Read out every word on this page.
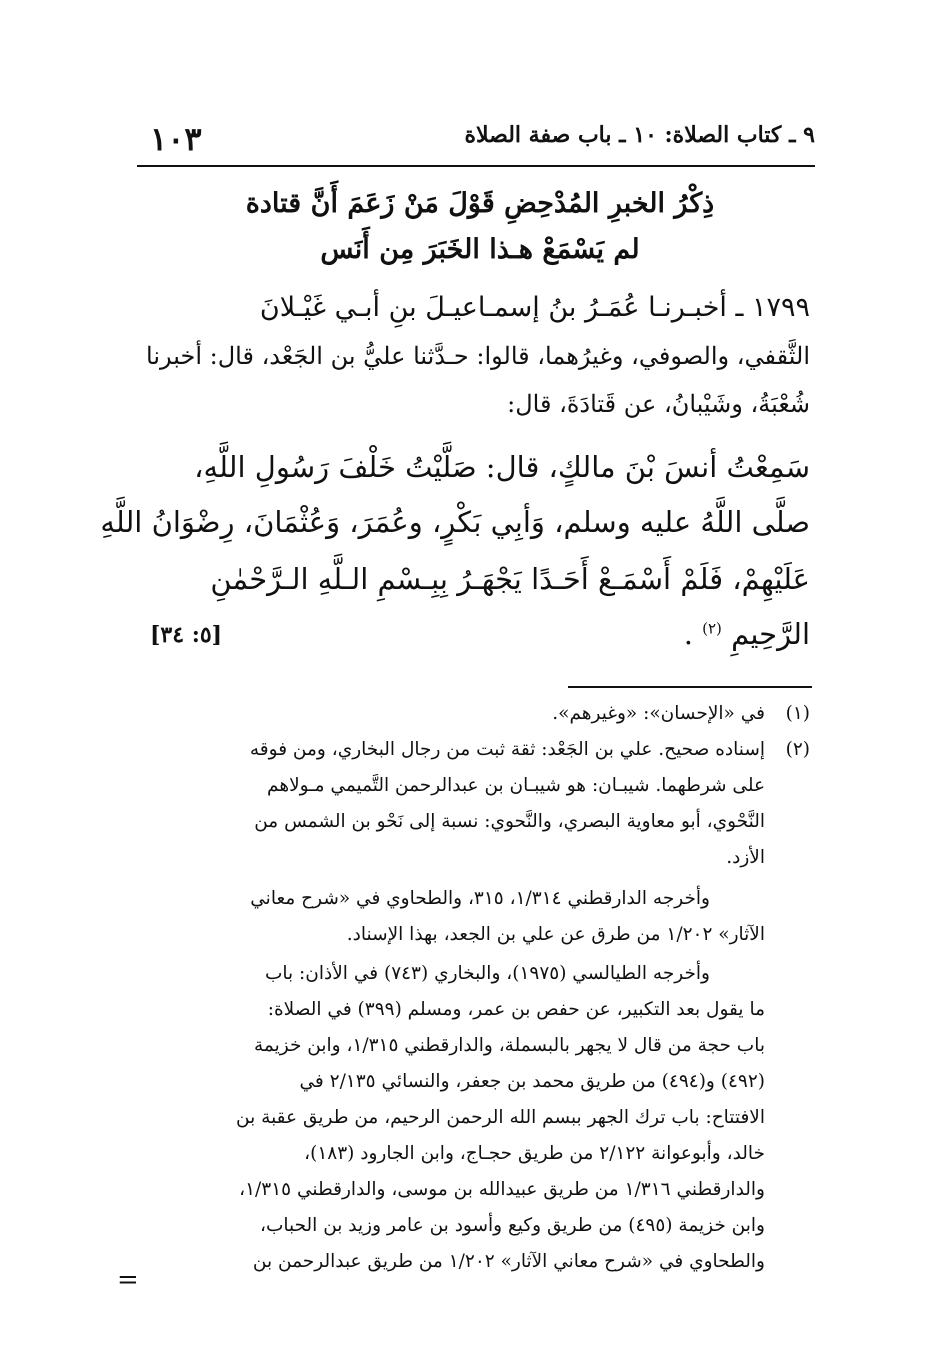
١٠٣	٩ ـ كتاب الصلاة: ١٠ ـ باب صفة الصلاة
ذِكْرُ الخبرِ المُدْحِضِ قَوْلَ مَنْ زَعَمَ أَنَّ قتادة
لم يَسْمَعْ هـذا الخَبَرَ مِن أَنَس
١٧٩٩ ـ أخبـرنـا عُمَـرُ بنُ إسمـاعيـلَ بنِ أبـي غَيْـلانَ
الثَّقفي، والصوفي، وغيرُهما، قالوا: حـدَّثنا عليُّ بن الجَعْد، قال: أخبرنا
شُعْبَةُ، وشَيْبانُ، عن قَتادَةَ، قال:
سَمِعْتُ أنسَ بْنَ مالكٍ، قال: صَلَّيْتُ خَلْفَ رَسُولِ اللَّهِ،
صلَّى اللَّهُ عليه وسلم، وَأبِي بَكْرٍ، وعُمَرَ، وَعُثْمَانَ، رِضْوَانُ اللَّهِ
عَلَيْهِمْ، فَلَمْ أَسْمَـعْ أَحَـدًا يَجْهَـرُ بِبِـسْمِ الـلَّهِ الـرَّحْمٰنِ
الرَّحِيمِ $^{(٢)}$ .
[٥: ٣٤]
(١)
في «الإحسان»: «وغيرهم».
(٢)
إسناده صحيح. علي بن الجَعْد: ثقة ثبت من رجال البخاري، ومن فوقه
على شرطهما. شيبـان: هو شيبـان بن عبدالرحمن التَّميمي مـولاهم
النَّحْوي، أبو معاوية البصري، والنَّحوي: نسبة إلى نَحْو بن الشمس من
الأزد.
وأخرجه الدارقطني ١/٣١٤، ٣١٥، والطحاوي في «شرح معاني
الآثار» ١/٢٠٢ من طرق عن علي بن الجعد، بهذا الإسناد.
وأخرجه الطيالسي (١٩٧٥)، والبخاري (٧٤٣) في الأذان: باب
ما يقول بعد التكبير، عن حفص بن عمر، ومسلم (٣٩٩) في الصلاة:
باب حجة من قال لا يجهر بالبسملة، والدارقطني ١/٣١٥، وابن خزيمة
(٤٩٢) و(٤٩٤) من طريق محمد بن جعفر، والنسائي ٢/١٣٥ في
الافتتاح: باب ترك الجهر ببسم الله الرحمن الرحيم، من طريق عقبة بن
خالد، وأبوعوانة ٢/١٢٢ من طريق حجـاج، وابن الجارود (١٨٣)،
والدارقطني ١/٣١٦ من طريق عبيدالله بن موسى، والدارقطني ١/٣١٥،
وابن خزيمة (٤٩٥) من طريق وكيع وأسود بن عامر وزيد بن الحباب،
والطحاوي في «شرح معاني الآثار» ١/٢٠٢ من طريق عبدالرحمن بن
=
